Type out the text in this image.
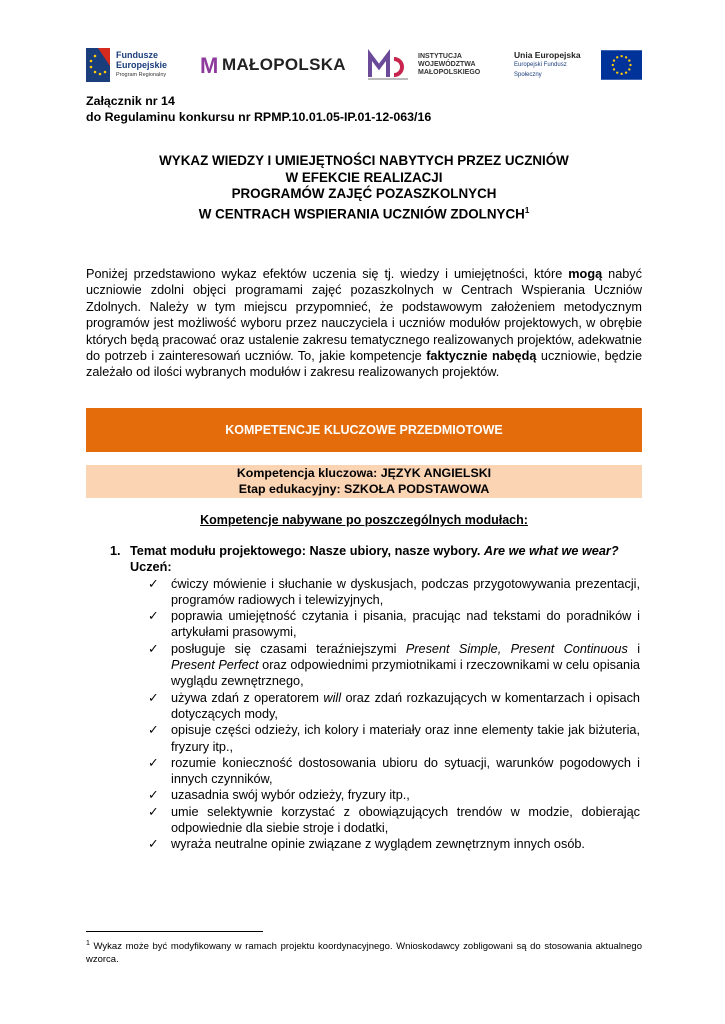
Fundusze
Europejskie
Program Regionalny M MAŁOPOLSKA	INSTYTUCJA
WOJEWÓDZTWA
MAŁOPOLSKIEGO
Unia Europejska
Europejski Fundusz Społeczny
Załącznik nr 14
do Regulaminu konkursu nr RPMP.10.01.05-IP.01-12-063/16
WYKAZ WIEDZY I UMIEJĘTNOŚCI NABYTYCH PRZEZ UCZNIÓW
W EFEKCIE REALIZACJI
PROGRAMÓW ZAJĘĆ POZASZKOLNYCH
W CENTRACH WSPIERANIA UCZNIÓW ZDOLNYCH$^1$
Poniżej przedstawiono wykaz efektów uczenia się tj. wiedzy i umiejętności, które mogą nabyć uczniowie zdolni objęci programami zajęć pozaszkolnych w Centrach Wspierania Uczniów Zdolnych. Należy w tym miejscu przypomnieć, że podstawowym założeniem metodycznym programów jest możliwość wyboru przez nauczyciela i uczniów modułów projektowych, w obrębie których będą pracować oraz ustalenie zakresu tematycznego realizowanych projektów, adekwatnie do potrzeb i zainteresowań uczniów. To, jakie kompetencje faktycznie nabędą uczniowie, będzie zależało od ilości wybranych modułów i zakresu realizowanych projektów.
KOMPETENCJE KLUCZOWE PRZEDMIOTOWE
Kompetencja kluczowa: JĘZYK ANGIELSKI
Etap edukacyjny: SZKOŁA PODSTAWOWA
Kompetencje nabywane po poszczególnych modułach:
1. Temat modułu projektowego: Nasze ubiory, nasze wybory. Are we what we wear?
Uczeń:
✓ ćwiczy mówienie i słuchanie w dyskusjach, podczas przygotowywania prezentacji, programów radiowych i telewizyjnych,
✓ poprawia umiejętność czytania i pisania, pracując nad tekstami do poradników i artykułami prasowymi,
✓ posługuje się czasami teraźniejszymi Present Simple, Present Continuous i Present Perfect oraz odpowiednimi przymiotnikami i rzeczownikami w celu opisania wyglądu zewnętrznego,
✓ używa zdań z operatorem will oraz zdań rozkazujących w komentarzach i opisach dotyczących mody,
✓ opisuje części odzieży, ich kolory i materiały oraz inne elementy takie jak biżuteria, fryzury itp.,
✓ rozumie konieczność dostosowania ubioru do sytuacji, warunków pogodowych i innych czynników,
✓ uzasadnia swój wybór odzieży, fryzury itp.,
✓ umie selektywnie korzystać z obowiązujących trendów w modzie, dobierając odpowiednie dla siebie stroje i dodatki,
✓ wyraża neutralne opinie związane z wyglądem zewnętrznym innych osób.
$^1$ Wykaz może być modyfikowany w ramach projektu koordynacyjnego. Wnioskodawcy zobligowani są do stosowania aktualnego wzorca.
